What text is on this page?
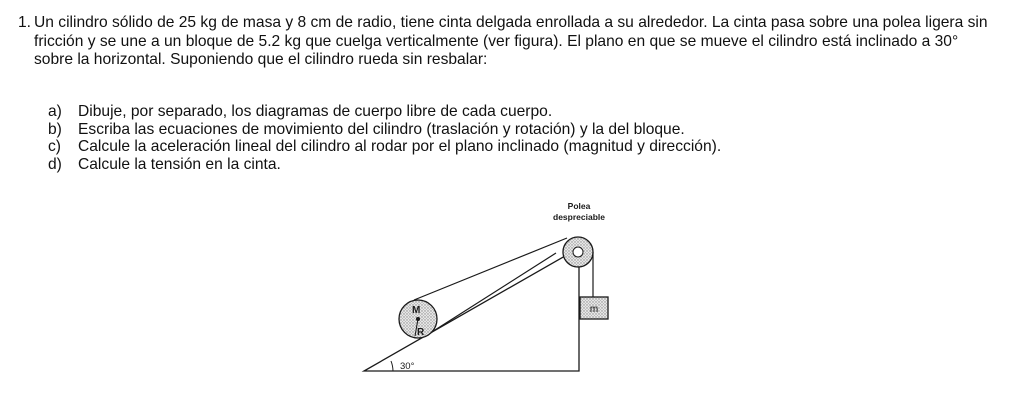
1. Un cilindro sólido de 25 kg de masa y 8 cm de radio, tiene cinta delgada enrollada a su alrededor. La cinta pasa sobre una polea ligera sin fricción y se une a un bloque de 5.2 kg que cuelga verticalmente (ver figura). El plano en que se mueve el cilindro está inclinado a 30° sobre la horizontal. Suponiendo que el cilindro rueda sin resbalar:
a) Dibuje, por separado, los diagramas de cuerpo libre de cada cuerpo.
b) Escriba las ecuaciones de movimiento del cilindro (traslación y rotación) y la del bloque.
c) Calcule la aceleración lineal del cilindro al rodar por el plano inclinado (magnitud y dirección).
d) Calcule la tensión en la cinta.
30°
M
R
m
Polea
despreciable
